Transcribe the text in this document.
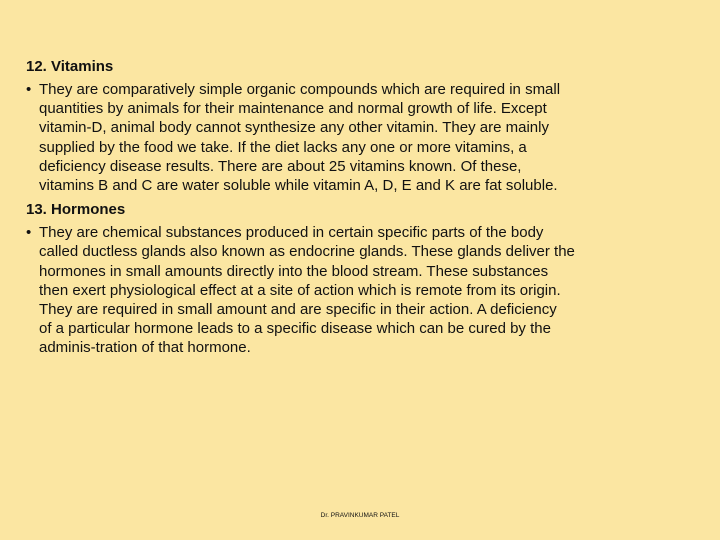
12. Vitamins
• They are comparatively simple organic compounds which are required in small
quantities by animals for their maintenance and normal growth of life. Except
vitamin-D, animal body cannot synthesize any other vitamin. They are mainly
supplied by the food we take. If the diet lacks any one or more vitamins, a
deficiency disease results. There are about 25 vitamins known. Of these,
vitamins B and C are water soluble while vitamin A, D, E and K are fat soluble.
13. Hormones
• They are chemical substances produced in certain specific parts of the body
called ductless glands also known as endocrine glands. These glands deliver the
hormones in small amounts directly into the blood stream. These substances
then exert physiological effect at a site of action which is remote from its origin.
They are required in small amount and are specific in their action. A deficiency
of a particular hormone leads to a specific disease which can be cured by the
adminis-tration of that hormone.
Dr. PRAVINKUMAR PATEL
